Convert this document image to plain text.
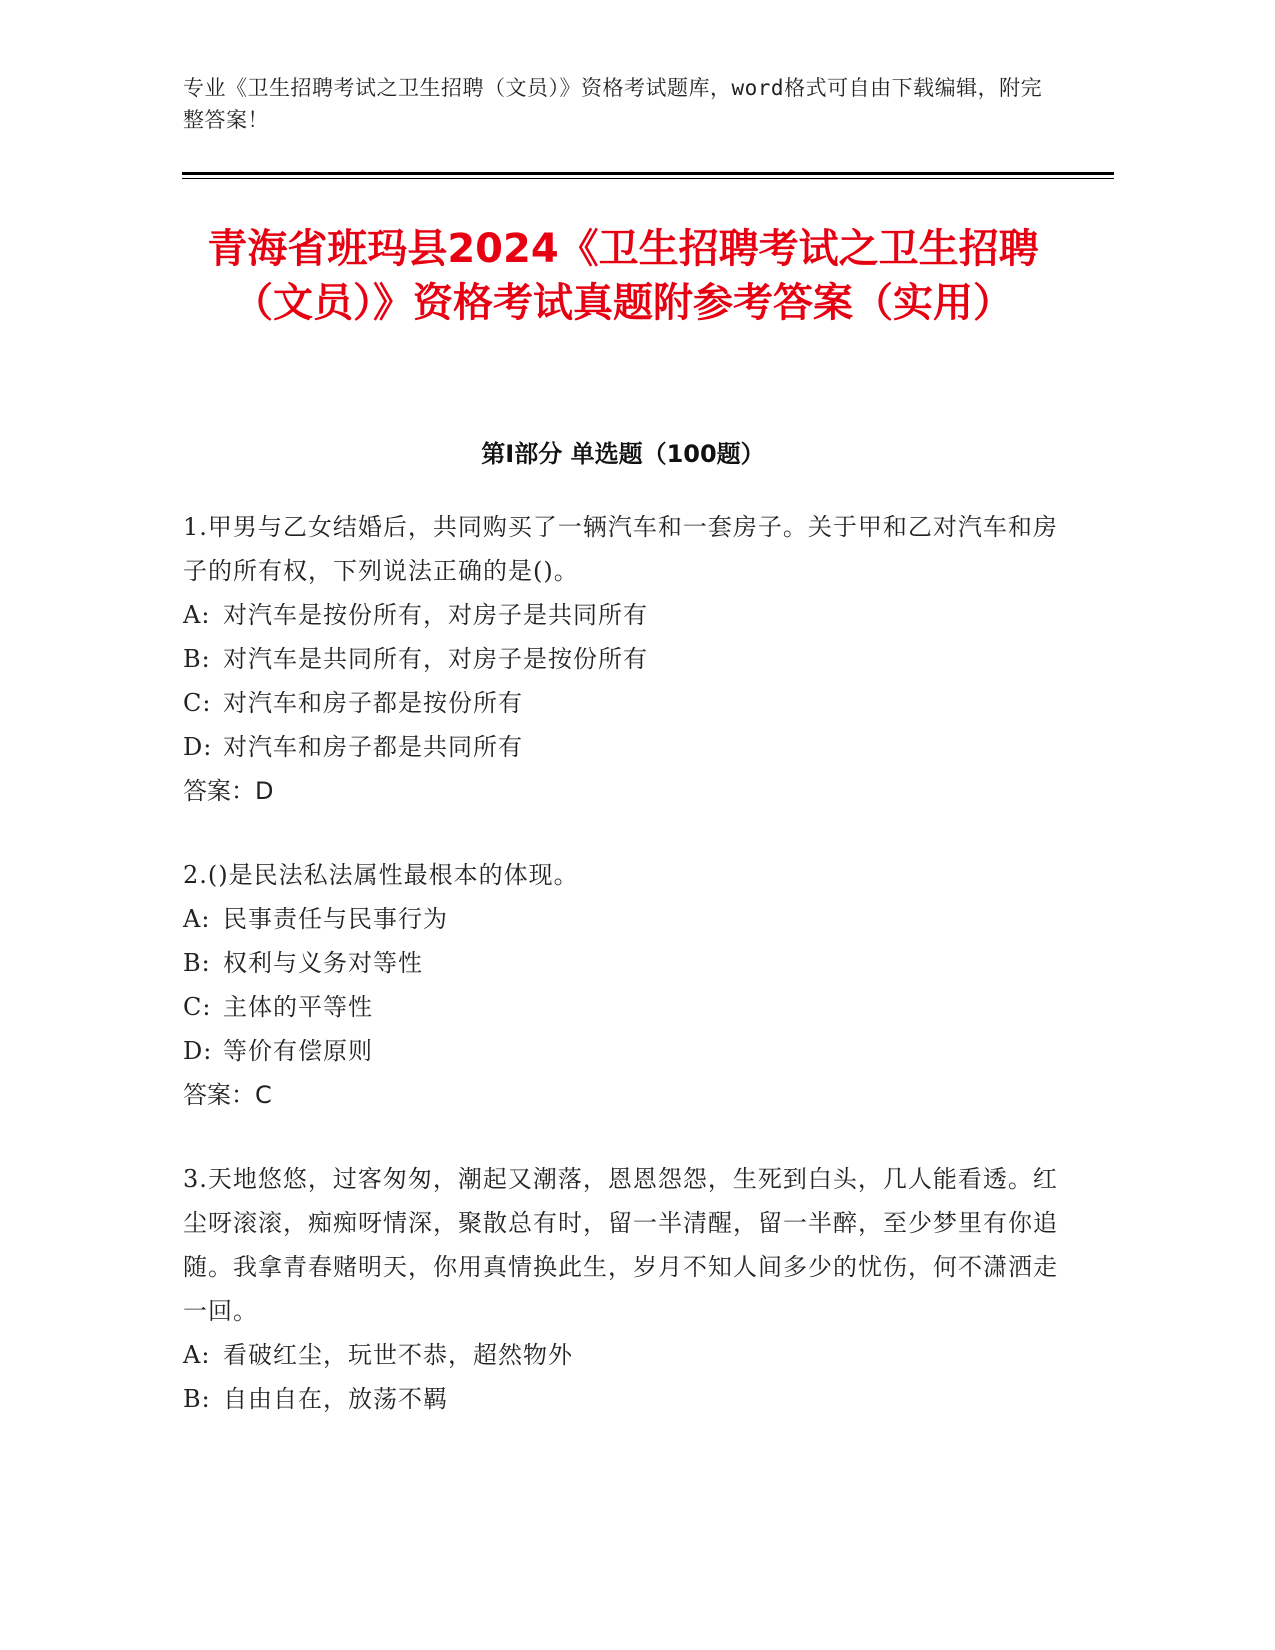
专业《卫生招聘考试之卫生招聘（文员）》资格考试题库，word格式可自由下载编辑，附完整答案！
青海省班玛县2024《卫生招聘考试之卫生招聘（文员）》资格考试真题附参考答案（实用）
第Ⅰ部分 单选题（100题）
1.甲男与乙女结婚后，共同购买了一辆汽车和一套房子。关于甲和乙对汽车和房子的所有权，下列说法正确的是()。
A: 对汽车是按份所有，对房子是共同所有
B: 对汽车是共同所有，对房子是按份所有
C: 对汽车和房子都是按份所有
D: 对汽车和房子都是共同所有
答案：D
2.()是民法私法属性最根本的体现。
A: 民事责任与民事行为
B: 权利与义务对等性
C: 主体的平等性
D: 等价有偿原则
答案：C
3.天地悠悠，过客匆匆，潮起又潮落，恩恩怨怨，生死到白头，几人能看透。红尘呀滚滚，痴痴呀情深，聚散总有时，留一半清醒，留一半醉，至少梦里有你追随。我拿青春赌明天，你用真情换此生，岁月不知人间多少的忧伤，何不潇洒走一回。
A: 看破红尘，玩世不恭，超然物外
B: 自由自在，放荡不羁
